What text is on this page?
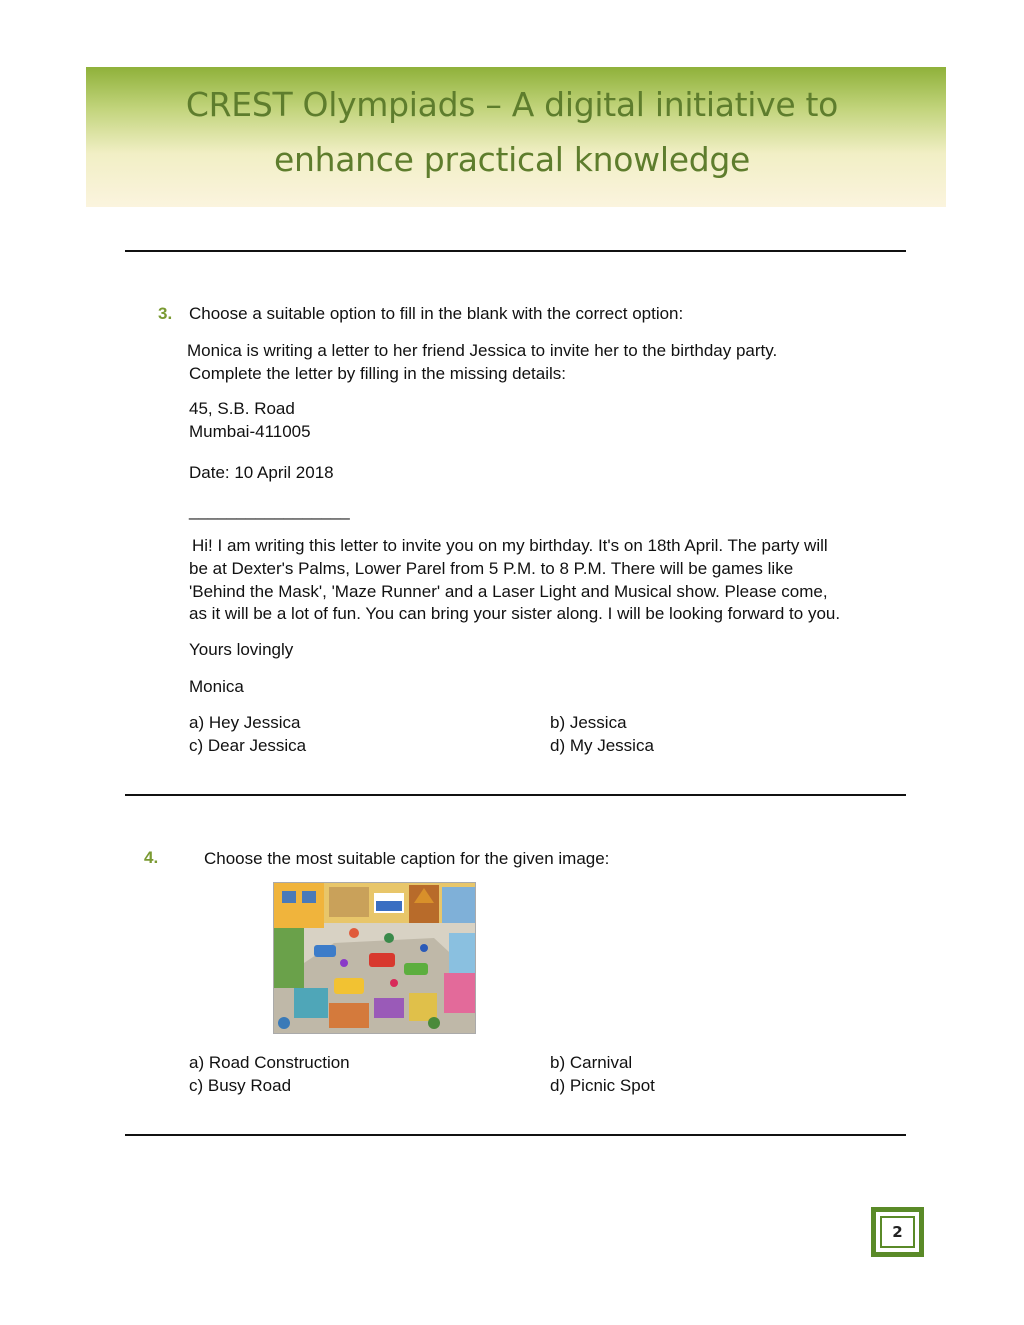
CREST Olympiads – A digital initiative to
enhance practical knowledge
3. Choose a suitable option to fill in the blank with the correct option:
Monica is writing a letter to her friend Jessica to invite her to the birthday party.
Complete the letter by filling in the missing details:
45, S.B. Road
Mumbai-411005
Date: 10 April 2018
_________________
Hi! I am writing this letter to invite you on my birthday. It's on 18th April. The party will
be at Dexter's Palms, Lower Parel from 5 P.M. to 8 P.M. There will be games like
'Behind the Mask', 'Maze Runner' and a Laser Light and Musical show. Please come,
as it will be a lot of fun. You can bring your sister along. I will be looking forward to you.
Yours lovingly
Monica
a) Hey Jessica	b) Jessica
c) Dear Jessica	d) My Jessica
4.	Choose the most suitable caption for the given image:
a) Road Construction	b) Carnival
c) Busy Road	d) Picnic Spot
2
